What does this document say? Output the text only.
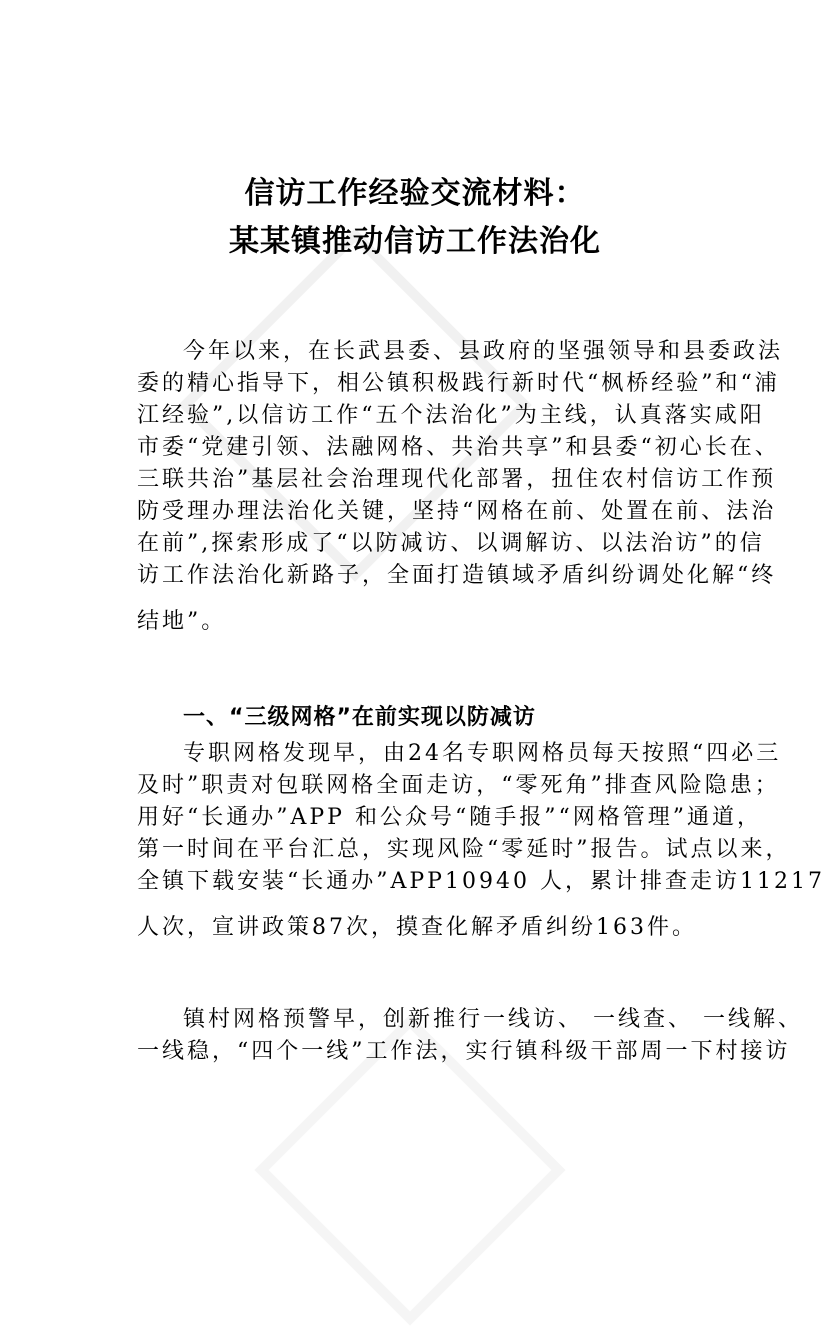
信访工作经验交流材料：
某某镇推动信访工作法治化
今年以来，在长武县委、县政府的坚强领导和县委政法
委的精心指导下，相公镇积极践行新时代“枫桥经验”和“浦
江经验”,以信访工作“五个法治化”为主线，认真落实咸阳
市委“党建引领、法融网格、共治共享”和县委“初心长在、
三联共治”基层社会治理现代化部署，扭住农村信访工作预
防受理办理法治化关键，坚持“网格在前、处置在前、法治
在前”,探索形成了“以防减访、以调解访、以法治访”的信
访工作法治化新路子，全面打造镇域矛盾纠纷调处化解“终
结地”。
一、“三级网格”在前实现以防减访
专职网格发现早，由24名专职网格员每天按照“四必三
及时”职责对包联网格全面走访，“零死角”排查风险隐患；
用好“长通办”APP 和公众号“随手报”“网格管理”通道，
第一时间在平台汇总，实现风险“零延时”报告。试点以来，
全镇下载安装“长通办”APP10940 人，累计排查走访11217
人次，宣讲政策87次，摸查化解矛盾纠纷163件。
镇村网格预警早，创新推行一线访、 一线查、 一线解、
一线稳，“四个一线”工作法，实行镇科级干部周一下村接访
